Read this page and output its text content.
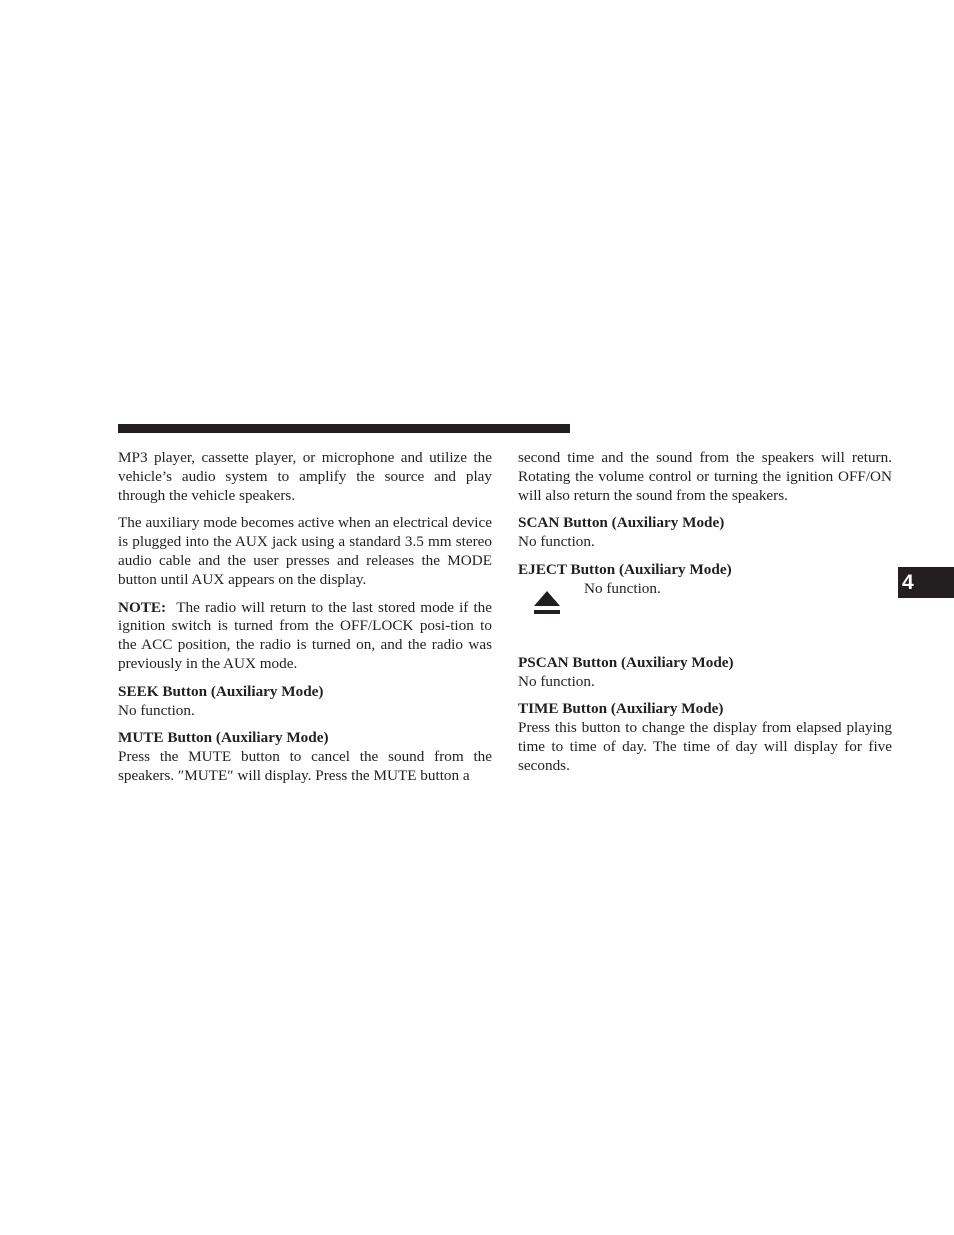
MP3 player, cassette player, or microphone and utilize the vehicle’s audio system to amplify the source and play through the vehicle speakers.

The auxiliary mode becomes active when an electrical device is plugged into the AUX jack using a standard 3.5 mm stereo audio cable and the user presses and releases the MODE button until AUX appears on the display.

NOTE: The radio will return to the last stored mode if the ignition switch is turned from the OFF/LOCK posi-tion to the ACC position, the radio is turned on, and the radio was previously in the AUX mode.

SEEK Button (Auxiliary Mode)
No function.
MUTE Button (Auxiliary Mode)

Press the MUTE button to cancel the sound from the speakers. ″MUTE″ will display. Press the MUTE button a

second time and the sound from the speakers will return. Rotating the volume control or turning the ignition OFF/ON will also return the sound from the speakers.

SCAN Button (Auxiliary Mode)
No function.
EJECT Button (Auxiliary Mode)
No function.
PSCAN Button (Auxiliary Mode)
No function.
TIME Button (Auxiliary Mode)

Press this button to change the display from elapsed playing time to time of day. The time of day will display for five seconds.

4
